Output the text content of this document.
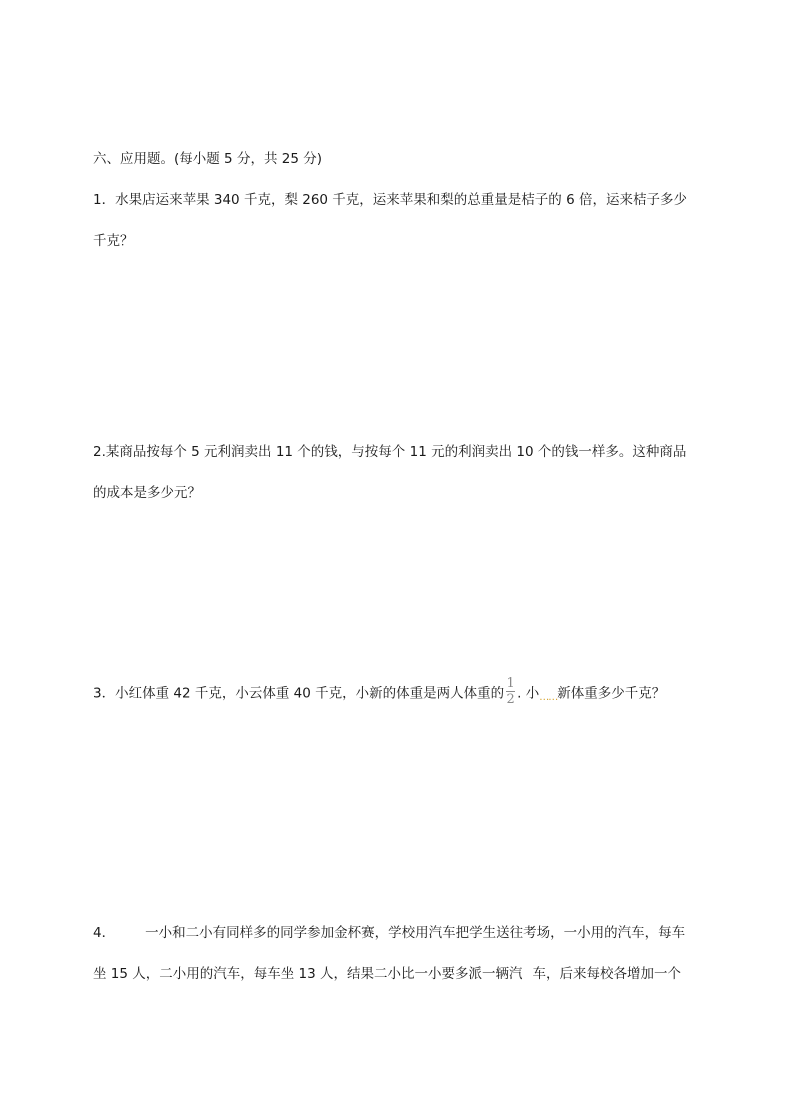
六、应用题。(每小题 5 分，共 25 分)
1．水果店运来苹果 340 千克，梨 260 千克，运来苹果和梨的总重量是桔子的 6 倍，运来桔子多少
千克？
2.某商品按每个 5 元利润卖出 11 个的钱，与按每个 11 元的利润卖出 10 个的钱一样多。这种商品
的成本是多少元？
3．小红体重 42 千克，小云体重 40 千克，小新的体重是两人体重的 $\frac{1}{2}$ . 小……新体重多少千克？
4． 一小和二小有同样多的同学参加金杯赛，学校用汽车把学生送往考场，一小用的汽车，每车
坐 15 人，二小用的汽车，每车坐 13 人，结果二小比一小要多派一辆汽 车，后来每校各增加一个
